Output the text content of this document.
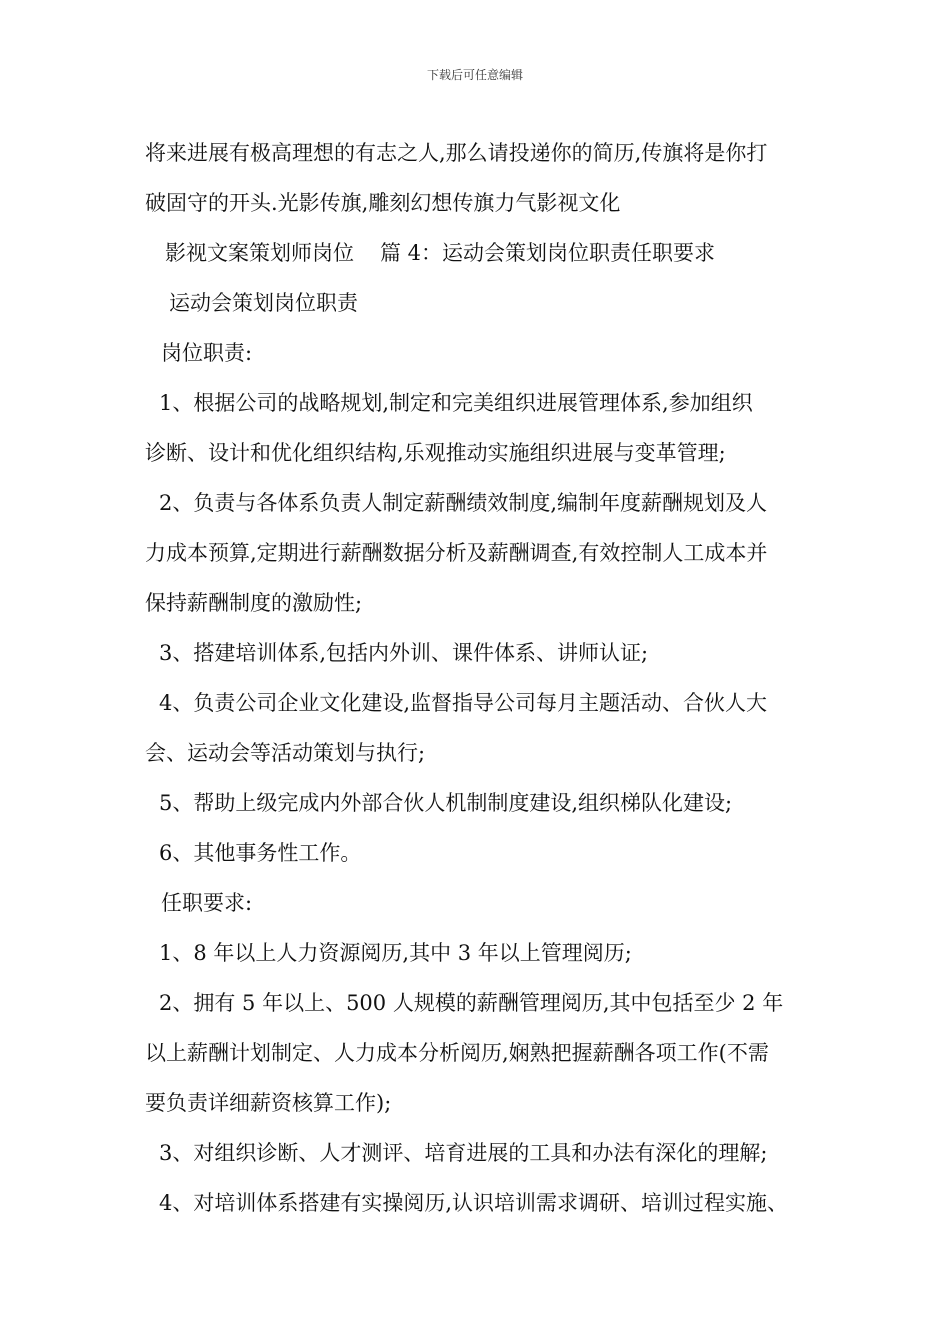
下载后可任意编辑
将来进展有极高理想的有志之人,那么请投递你的简历,传旗将是你打
破固守的开头.光影传旗,雕刻幻想传旗力气影视文化
影视文案策划师岗位 篇 4：运动会策划岗位职责任职要求
运动会策划岗位职责
岗位职责:
1、根据公司的战略规划,制定和完美组织进展管理体系,参加组织
诊断、设计和优化组织结构,乐观推动实施组织进展与变革管理;
2、负责与各体系负责人制定薪酬绩效制度,编制年度薪酬规划及人
力成本预算,定期进行薪酬数据分析及薪酬调查,有效控制人工成本并
保持薪酬制度的激励性;
3、搭建培训体系,包括内外训、课件体系、讲师认证;
4、负责公司企业文化建设,监督指导公司每月主题活动、合伙人大
会、运动会等活动策划与执行;
5、帮助上级完成内外部合伙人机制制度建设,组织梯队化建设;
6、其他事务性工作。
任职要求:
1、8 年以上人力资源阅历,其中 3 年以上管理阅历;
2、拥有 5 年以上、500 人规模的薪酬管理阅历,其中包括至少 2 年
以上薪酬计划制定、人力成本分析阅历,娴熟把握薪酬各项工作(不需
要负责详细薪资核算工作);
3、对组织诊断、人才测评、培育进展的工具和办法有深化的理解;
4、对培训体系搭建有实操阅历,认识培训需求调研、培训过程实施、
